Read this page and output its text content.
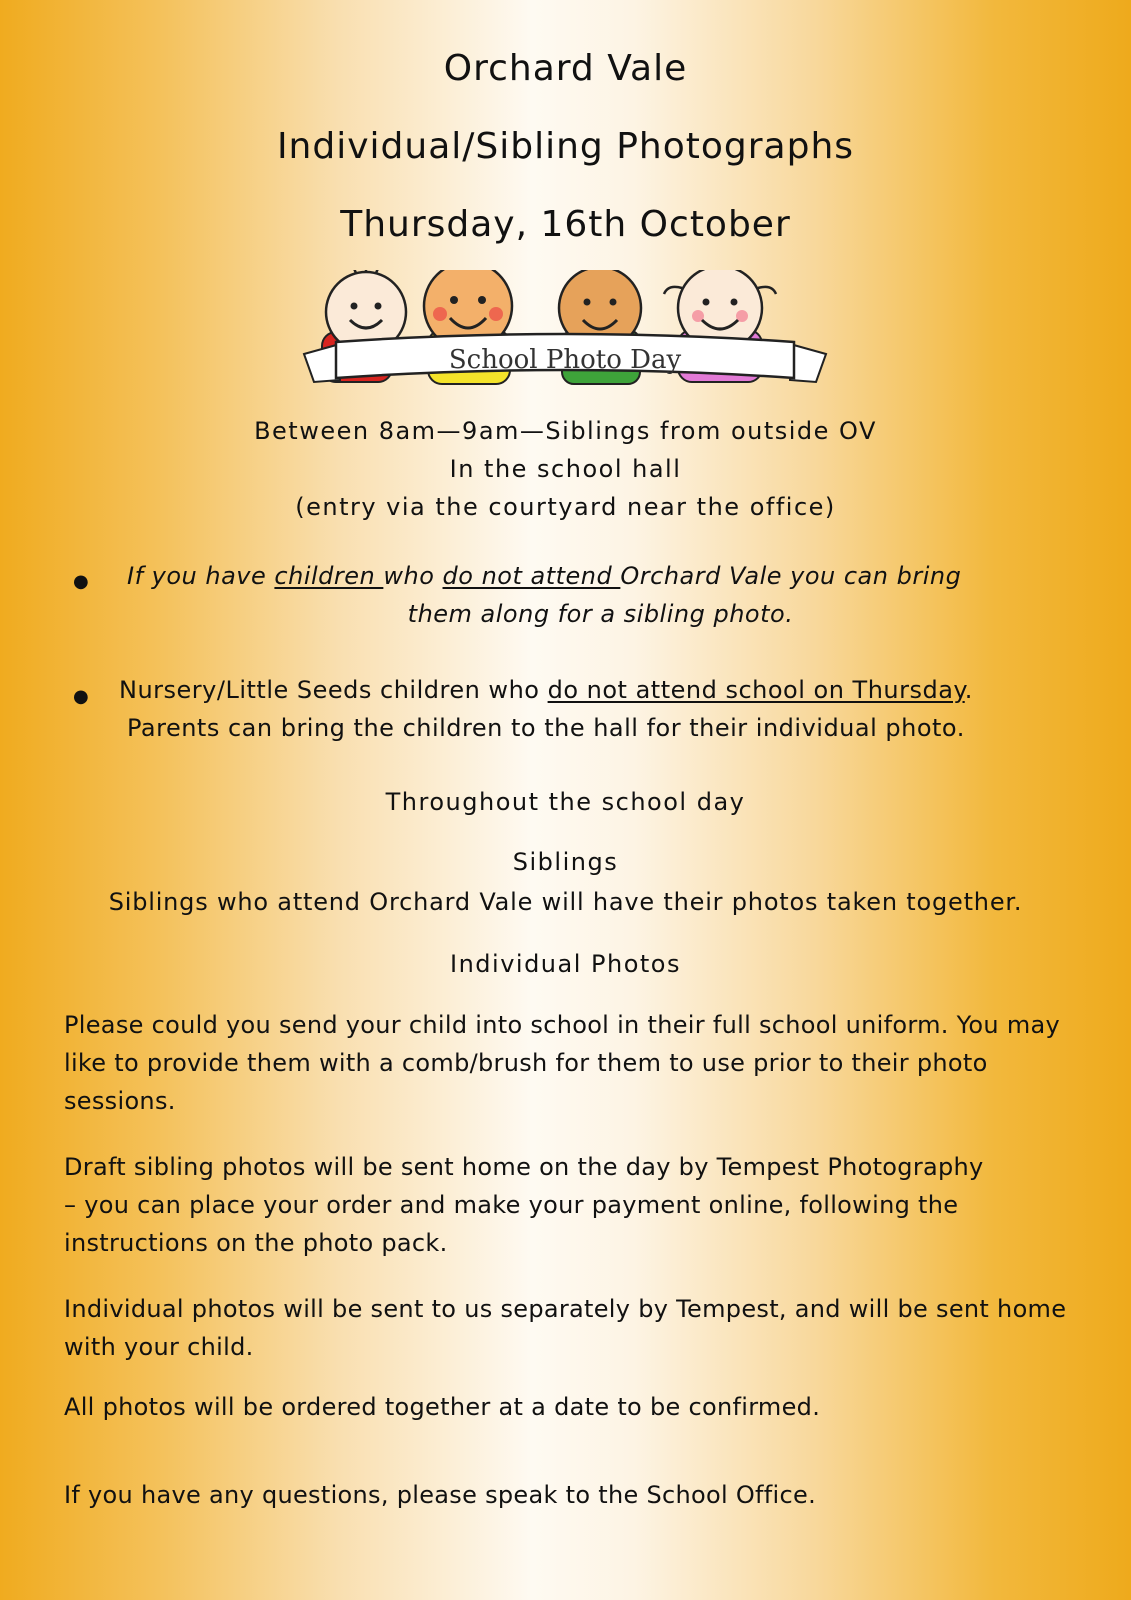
Orchard Vale

Individual/Sibling Photographs

Thursday, 16th October

School Photo Day

Between 8am—9am—Siblings from outside OV

In the school hall

(entry via the courtyard near the office)

● If you have children who do not attend Orchard Vale you can bring
them along for a sibling photo.
● Nursery/Little Seeds children who do not attend school on Thursday.
Parents can bring the children to the hall for their individual photo.

Throughout the school day

Siblings

Siblings who attend Orchard Vale will have their photos taken together.

Individual Photos

Please could you send your child into school in their full school uniform. You may like to provide them with a comb/brush for them to use prior to their photo sessions.

Draft sibling photos will be sent home on the day by Tempest Photography – you can place your order and make your payment online, following the instructions on the photo pack.

Individual photos will be sent to us separately by Tempest, and will be sent home with your child.

All photos will be ordered together at a date to be confirmed.

If you have any questions, please speak to the School Office.
